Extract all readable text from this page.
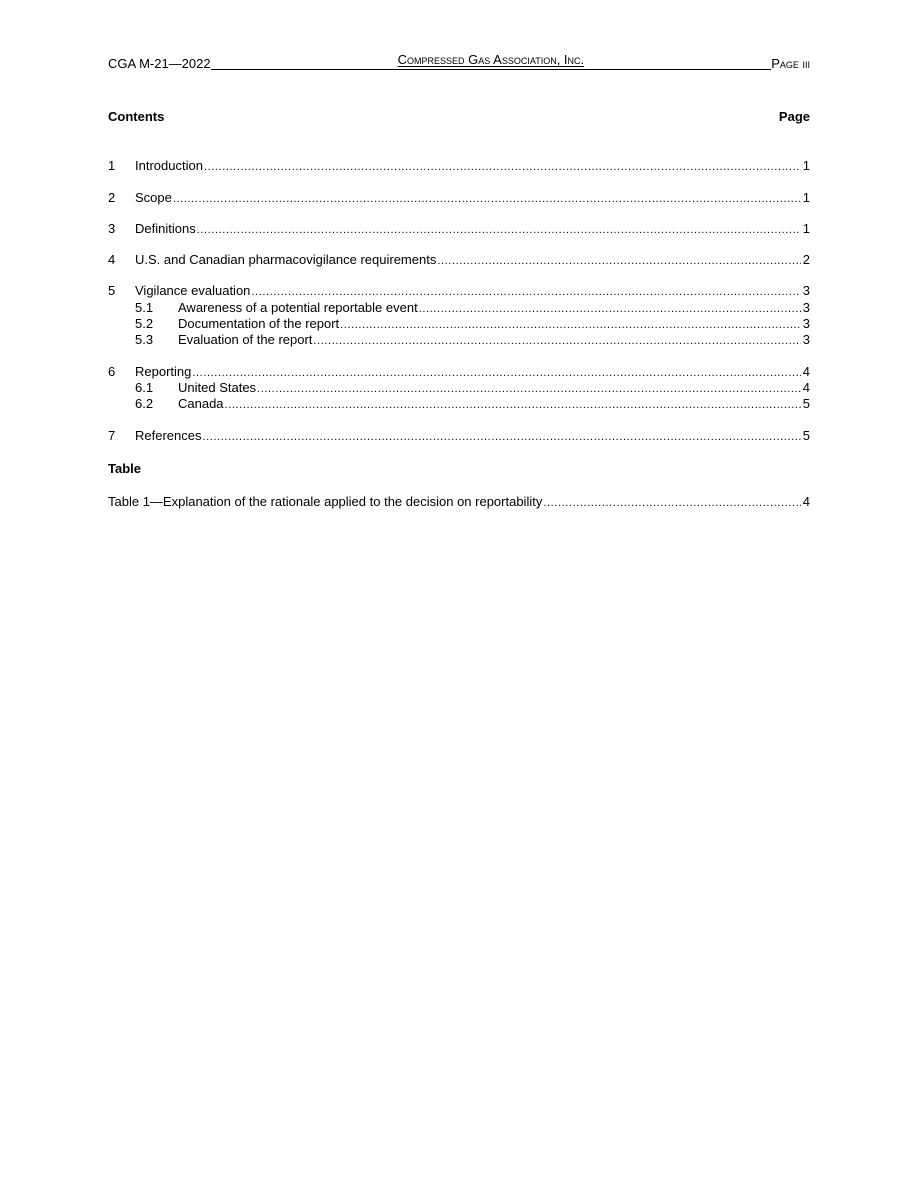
CGA M-21—2022	Compressed Gas Association, Inc.	Page iii
Contents	Page
1	Introduction .....	1
2	Scope .....	1
3	Definitions .....	1
4	U.S. and Canadian pharmacovigilance requirements .....	2
5	Vigilance evaluation .....	3
5.1	Awareness of a potential reportable event .....	3
5.2	Documentation of the report .....	3
5.3	Evaluation of the report .....	3
6	Reporting .....	4
6.1	United States .....	4
6.2	Canada .....	5
7	References .....	5
Table
Table 1—Explanation of the rationale applied to the decision on reportability .....	4
